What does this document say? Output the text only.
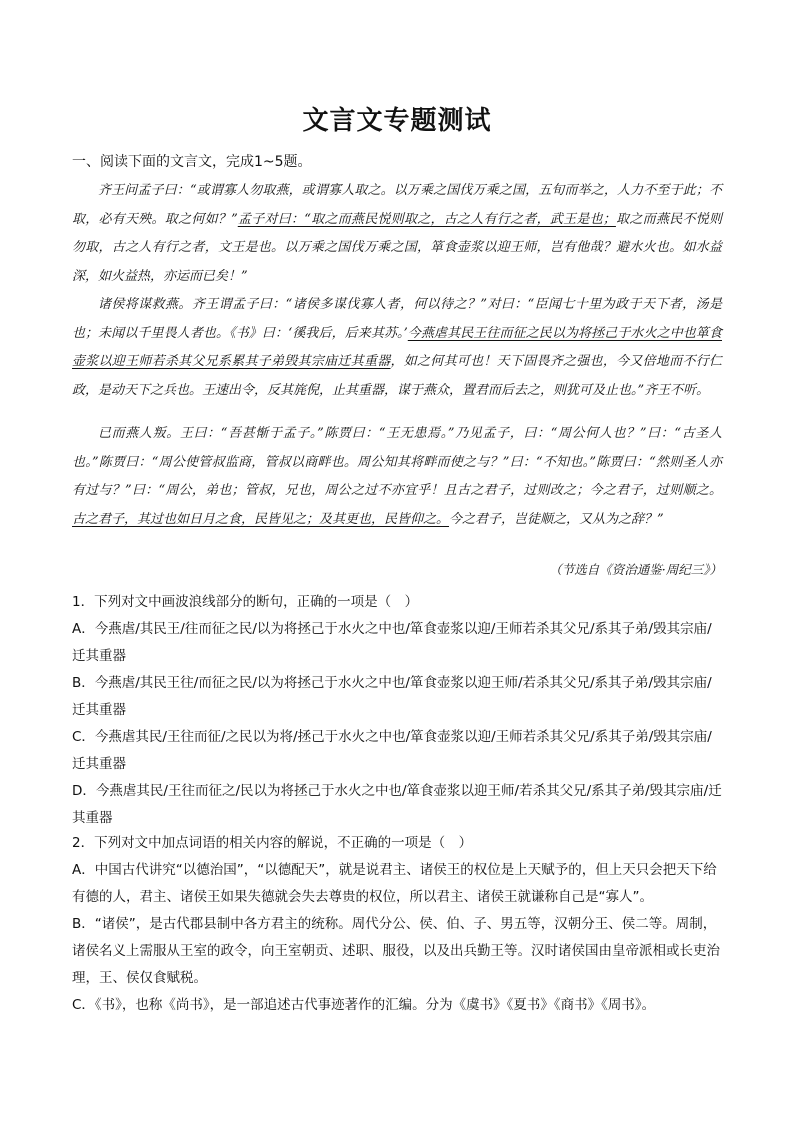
文言文专题测试
一、阅读下面的文言文，完成1~5题。
齐王问孟子曰：“或谓寡人勿取燕，或谓寡人取之。以万乘之国伐万乘之国，五旬而举之，人力不至于此；不取，必有天殃。取之何如？”孟子对曰：“取之而燕民悦则取之，古之人有行之者，武王是也；取之而燕民不悦则勿取，古之人有行之者，文王是也。以万乘之国伐万乘之国，箪食壶浆以迎王师，岂有他哉？避水火也。如水益深，如火益热，亦运而已矣！”
诸侯将谋救燕。齐王谓孟子曰：“诸侯多谋伐寡人者，何以待之？”对曰：“臣闻七十里为政于天下者，汤是也；未闻以千里畏人者也。《书》曰：‘徯我后，后来其苏。’今燕虐其民王往而征之民以为将拯己于水火之中也箪食壶浆以迎王师若杀其父兄系累其子弟毁其宗庙迁其重器，如之何其可也！天下固畏齐之强也，今又倍地而不行仁政，是动天下之兵也。王速出令，反其旄倪，止其重器，谋于燕众，置君而后去之，则犹可及止也。”齐王不听。
已而燕人叛。王曰：“吾甚惭于孟子。”陈贾曰：“王无患焉。”乃见孟子，曰：“周公何人也？”曰：“古圣人也。”陈贾曰：“周公使管叔监商，管叔以商畔也。周公知其将畔而使之与？”曰：“不知也。”陈贾曰：“然则圣人亦有过与？”曰：“周公，弟也；管叔，兄也，周公之过不亦宜乎！且古之君子，过则改之；今之君子，过则顺之。古之君子，其过也如日月之食，民皆见之；及其更也，民皆仰之。今之君子，岂徒顺之，又从为之辞？”
（节选自《资治通鉴·周纪三》）

1．下列对文中画波浪线部分的断句，正确的一项是（　）

A．今燕虐/其民王/往而征之民/以为将拯己于水火之中也/箪食壶浆以迎/王师若杀其父兄/系其子弟/毁其宗庙/迁其重器

B．今燕虐/其民王往/而征之民/以为将拯己于水火之中也/箪食壶浆以迎王师/若杀其父兄/系其子弟/毁其宗庙/迁其重器

C．今燕虐其民/王往而征/之民以为将/拯己于水火之中也/箪食壶浆以迎/王师若杀其父兄/系其子弟/毁其宗庙/迁其重器

D．今燕虐其民/王往而征之/民以为将拯己于水火之中也/箪食壶浆以迎王师/若杀其父兄/系其子弟/毁其宗庙/迁其重器

2．下列对文中加点词语的相关内容的解说，不正确的一项是（　）

A．中国古代讲究“以德治国”，“以德配天”，就是说君主、诸侯王的权位是上天赋予的，但上天只会把天下给有德的人，君主、诸侯王如果失德就会失去尊贵的权位，所以君主、诸侯王就谦称自己是“寡人”。

B．“诸侯”，是古代郡县制中各方君主的统称。周代分公、侯、伯、子、男五等，汉朝分王、侯二等。周制，诸侯名义上需服从王室的政令，向王室朝贡、述职、服役，以及出兵勤王等。汉时诸侯国由皇帝派相或长吏治理，王、侯仅食赋税。

C．《书》，也称《尚书》，是一部追述古代事迹著作的汇编。分为《虞书》《夏书》《商书》《周书》。
